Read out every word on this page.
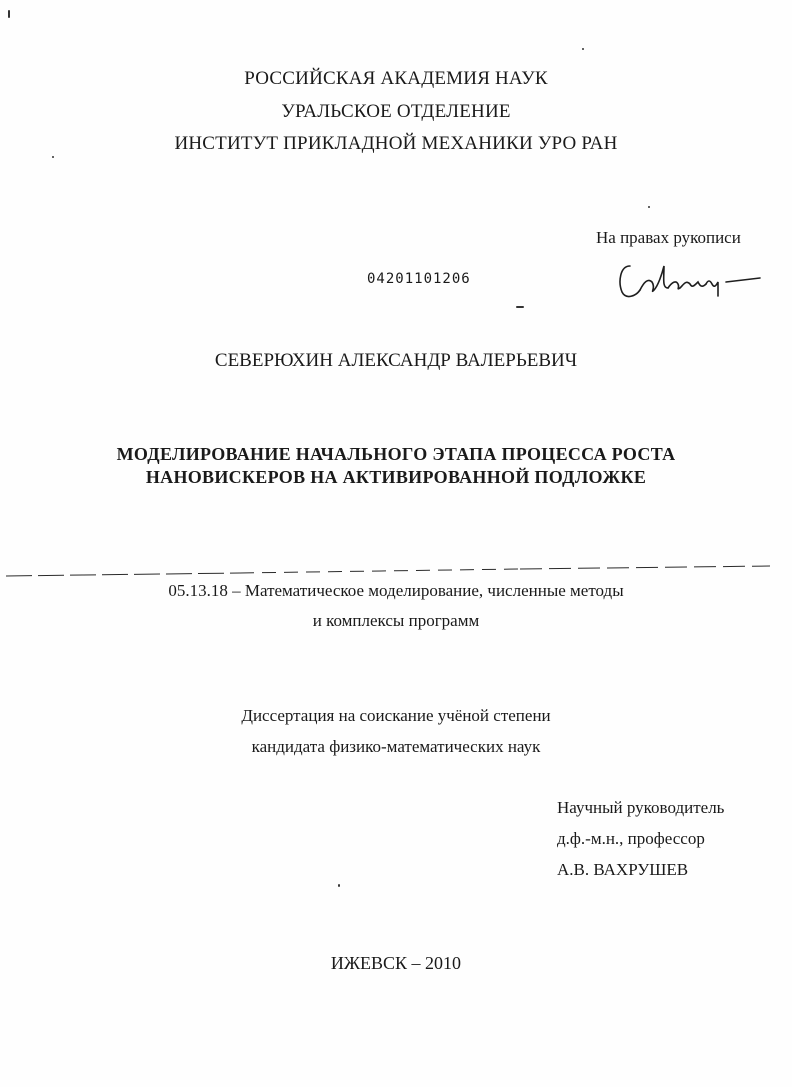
РОССИЙСКАЯ АКАДЕМИЯ НАУК
УРАЛЬСКОЕ ОТДЕЛЕНИЕ
ИНСТИТУТ ПРИКЛАДНОЙ МЕХАНИКИ УРО РАН
На правах рукописи
04201101206
СЕВЕРЮХИН АЛЕКСАНДР ВАЛЕРЬЕВИЧ
МОДЕЛИРОВАНИЕ НАЧАЛЬНОГО ЭТАПА ПРОЦЕССА РОСТА
НАНОВИСКЕРОВ НА АКТИВИРОВАННОЙ ПОДЛОЖКЕ
05.13.18 – Математическое моделирование, численные методы
и комплексы программ
Диссертация на соискание учёной степени
кандидата физико-математических наук
Научный руководитель
д.ф.-м.н., профессор
А.В. ВАХРУШЕВ
ИЖЕВСК – 2010
